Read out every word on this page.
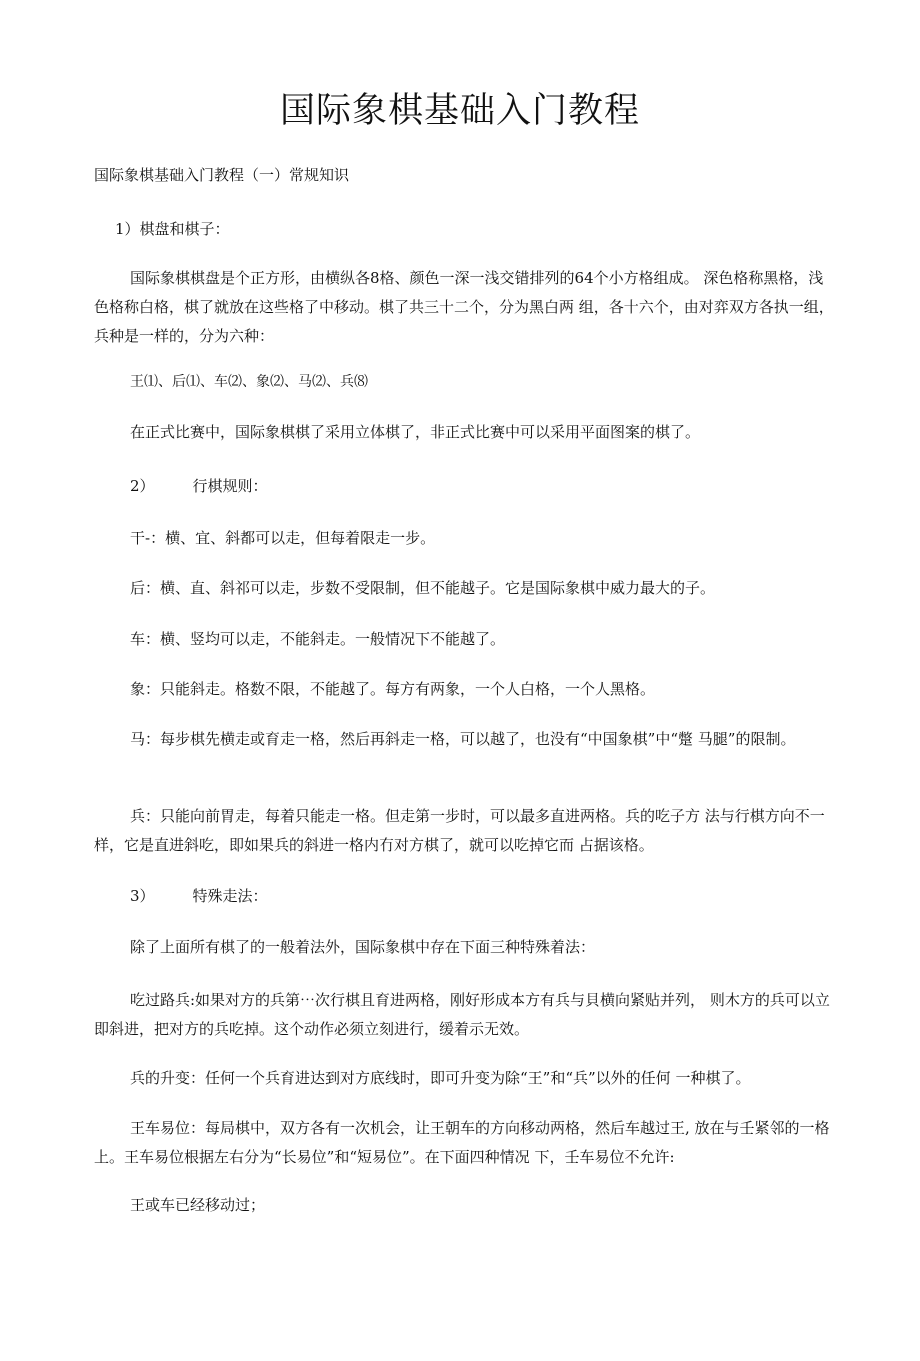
国际象棋基础入门教程

国际象棋基础入门教程（一）常规知识

1）棋盘和棋子：

国际象棋棋盘是个正方形，由横纵各8格、颜色一深一浅交错排列的64个小方格组成。 深色格称黑格，浅色格称白格，棋了就放在这些格了中移动。棋了共三十二个，分为黑白两 组，各十六个，由对弈双方各执一组，兵种是一样的，分为六种：

王⑴、后⑴、车⑵、象⑵、马⑵、兵⑻

在正式比赛中，国际象棋棋了采用立体棋了，非正式比赛中可以采用平面图案的棋了。

2）	行棋规则：

干-：横、宜、斜都可以走，但每着限走一步。

后：横、直、斜祁可以走，步数不受限制，但不能越子。它是国际象棋中威力最大的子。

车：横、竖均可以走，不能斜走。一般情况下不能越了。

象：只能斜走。格数不限，不能越了。每方有两象，一个人白格，一个人黑格。

马：每步棋先横走或育走一格，然后再斜走一格，可以越了，也没有“中国象棋”中“蹩 马腿”的限制。

兵：只能向前胃走，每着只能走一格。但走第一步时，可以最多直进两格。兵的吃子方 法与行棋方向不一样，它是直进斜吃，即如果兵的斜进一格内冇对方棋了，就可以吃掉它而 占据该格。

3）	特殊走法：

除了上面所有棋了的一般着法外，国际象棋中存在下面三种特殊着法：

吃过路兵:如果对方的兵第⋯次行棋且育进两格，刚好形成本方有兵与貝横向紧贴并列， 则木方的兵可以立即斜进，把对方的兵吃掉。这个动作必须立刻进行，缓着示无效。

兵的升变：任何一个兵育进达到对方底线时，即可升变为除“王”和“兵”以外的任何 一种棋了。

王车易位：每局棋中，双方各有一次机会，让王朝车的方向移动两格，然后车越过王, 放在与壬紧邻的一格上。王车易位根据左右分为“长易位”和“短易位”。在下面四种情况 下，壬车易位不允许:

王或车已经移动过；
